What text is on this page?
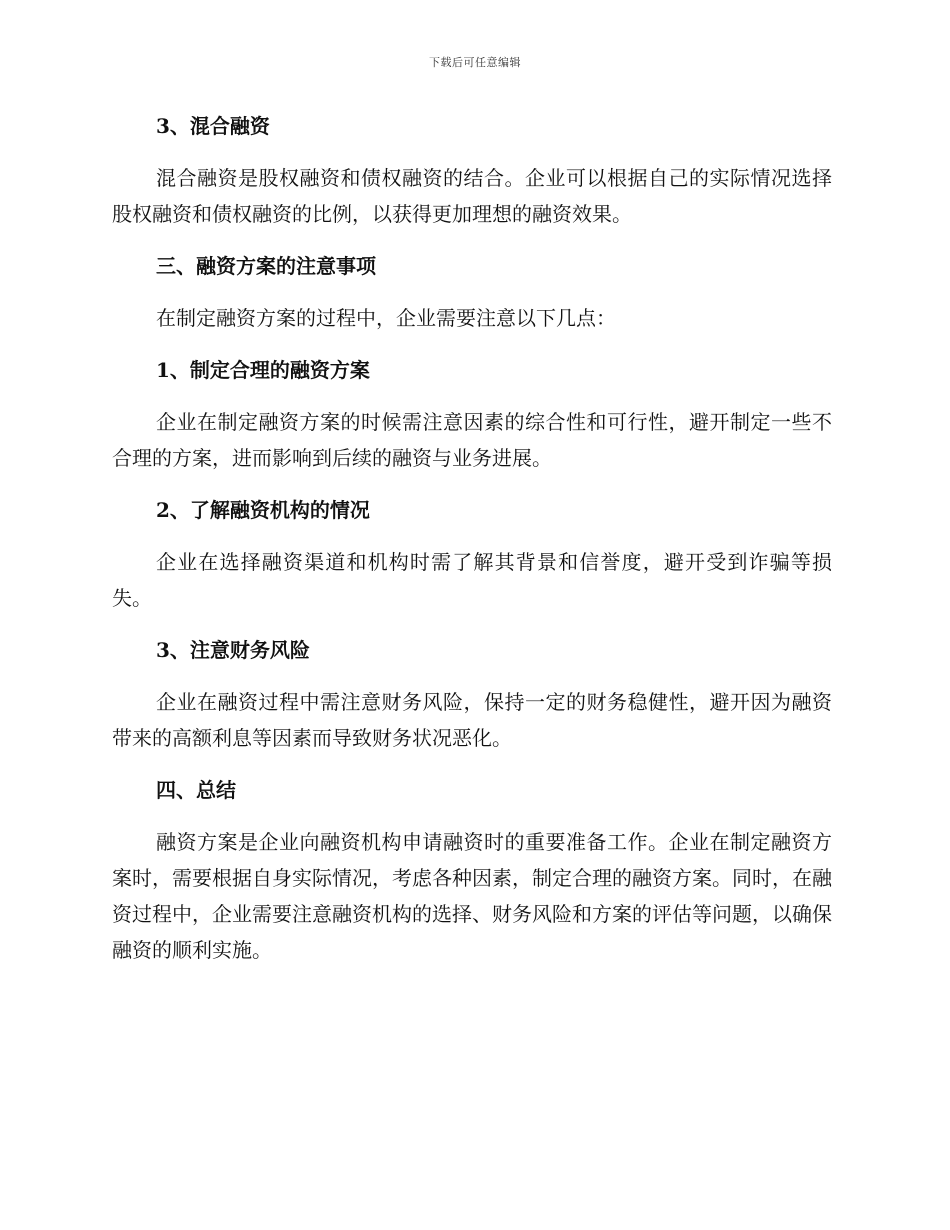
下载后可任意编辑

3、混合融资

混合融资是股权融资和债权融资的结合。企业可以根据自己的实际情况选择股权融资和债权融资的比例，以获得更加理想的融资效果。

三、融资方案的注意事项

在制定融资方案的过程中，企业需要注意以下几点：

1、制定合理的融资方案

企业在制定融资方案的时候需注意因素的综合性和可行性，避开制定一些不合理的方案，进而影响到后续的融资与业务进展。

2、了解融资机构的情况

企业在选择融资渠道和机构时需了解其背景和信誉度，避开受到诈骗等损失。

3、注意财务风险

企业在融资过程中需注意财务风险，保持一定的财务稳健性，避开因为融资带来的高额利息等因素而导致财务状况恶化。

四、总结

融资方案是企业向融资机构申请融资时的重要准备工作。企业在制定融资方案时，需要根据自身实际情况，考虑各种因素，制定合理的融资方案。同时，在融资过程中，企业需要注意融资机构的选择、财务风险和方案的评估等问题，以确保融资的顺利实施。
